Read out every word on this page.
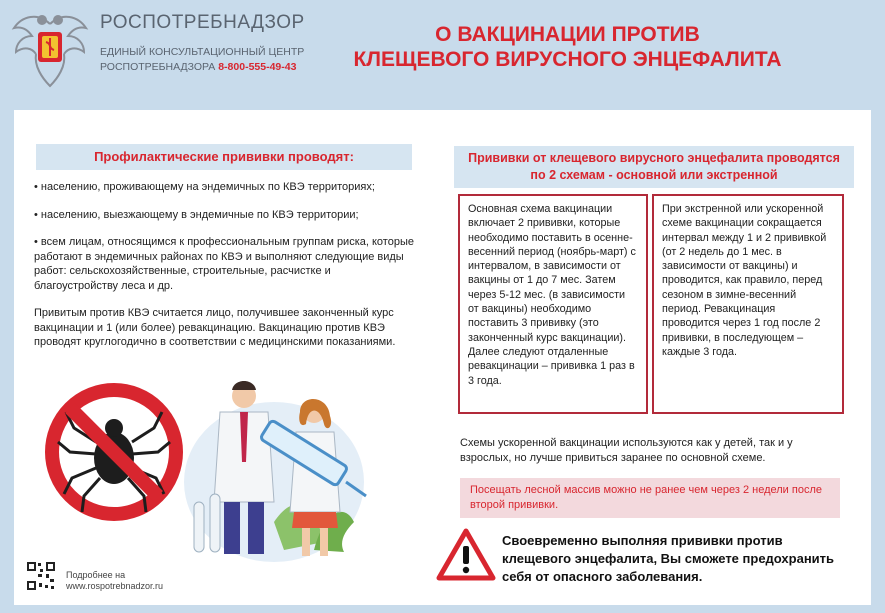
РОСПОТРЕБНАДЗОР
ЕДИНЫЙ КОНСУЛЬТАЦИОННЫЙ ЦЕНТР
РОСПОТРЕБНАДЗОРА 8-800-555-49-43
О ВАКЦИНАЦИИ ПРОТИВ
КЛЕЩЕВОГО ВИРУСНОГО ЭНЦЕФАЛИТА
Профилактические прививки проводят:

• населению, проживающему на эндемичных по КВЭ территориях;

• населению, выезжающему в эндемичные по КВЭ территории;

• всем лицам, относящимся к профессиональным группам риска, которые работают в эндемичных районах по КВЭ и выполняют следующие виды работ: сельскохозяйственные, строительные, расчистке и благоустройству леса и др.

Привитым против КВЭ считается лицо, получившее законченный курс вакцинации и 1 (или более) ревакцинацию. Вакцинацию против КВЭ проводят круглогодично в соответствии с медицинскими показаниями.

Подробнее на
www.rospotrebnadzor.ru
Прививки от клещевого вирусного энцефалита проводятся
по 2 схемам - основной или экстренной
Основная схема вакцинации включает 2 прививки, которые необходимо поставить в осенне-весенний период (ноябрь-март) с интервалом, в зависимости от вакцины от 1 до 7 мес. Затем через 5-12 мес. (в зависимости от вакцины) необходимо поставить 3 прививку (это законченный курс вакцинации). Далее следуют отдаленные ревакцинации – прививка 1 раз в 3 года.
При экстренной или ускоренной схеме вакцинации сокращается интервал между 1 и 2 прививкой (от 2 недель до 1 мес. в зависимости от вакцины) и проводится, как правило, перед сезоном в зимне-весенний период. Ревакцинация проводится через 1 год после 2 прививки, в последующем – каждые 3 года.
Схемы ускоренной вакцинации используются как у детей, так и у взрослых, но лучше привиться заранее по основной схеме.
Посещать лесной массив можно не ранее чем через 2 недели после второй прививки.
Своевременно выполняя прививки против клещевого энцефалита, Вы сможете предохранить себя от опасного заболевания.
